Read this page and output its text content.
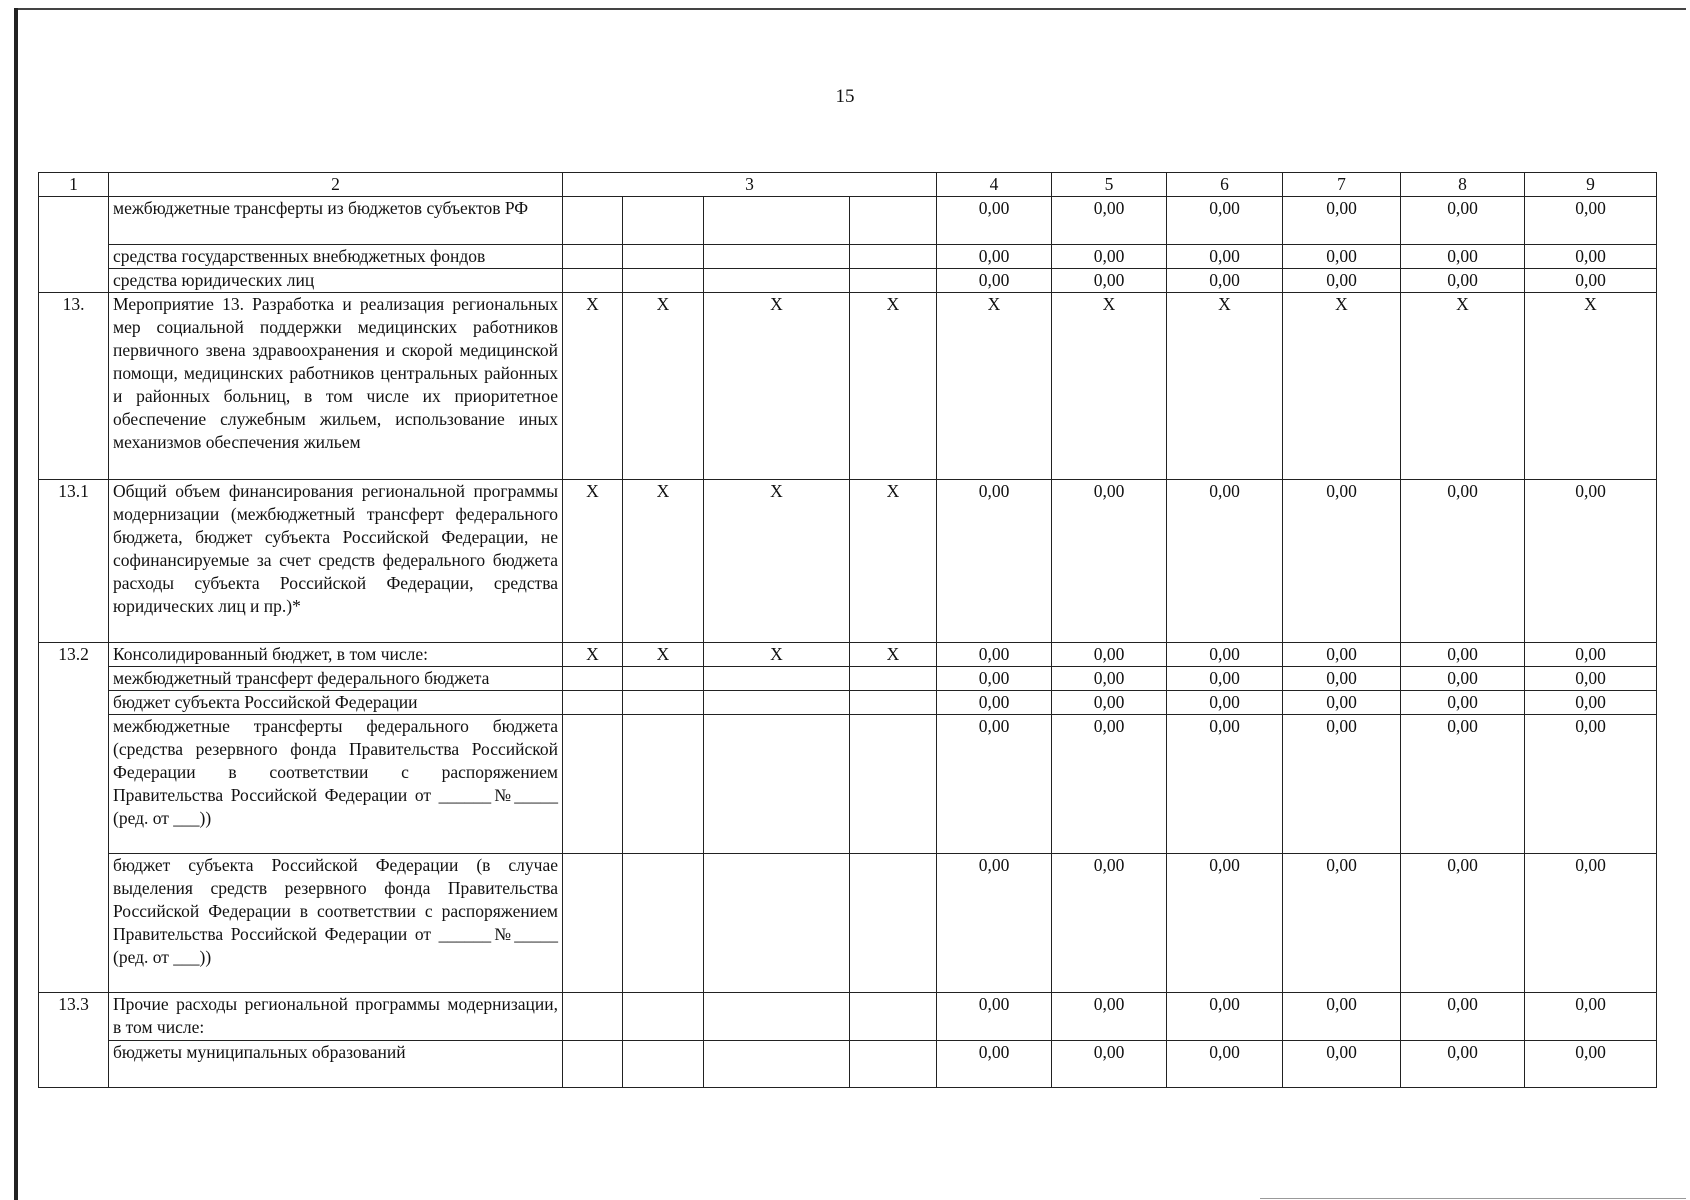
15
1	2	3				4	5	6	7	8	9
	межбюджетные трансферты из бюджетов субъектов РФ					0,00	0,00	0,00	0,00	0,00	0,00
	средства государственных внебюджетных фондов					0,00	0,00	0,00	0,00	0,00	0,00
	средства юридических лиц					0,00	0,00	0,00	0,00	0,00	0,00
13.	Мероприятие 13. Разработка и реализация региональных мер социальной поддержки медицинских работников первичного звена здравоохранения и скорой медицинской помощи, медицинских работников центральных районных и районных больниц, в том числе их приоритетное обеспечение служебным жильем, использование иных механизмов обеспечения жильем	X	X	X	X	X	X	X	X	X	X
13.1	Общий объем финансирования региональной программы модернизации (межбюджетный трансферт федерального бюджета, бюджет субъекта Российской Федерации, не софинансируемые за счет средств федерального бюджета расходы субъекта Российской Федерации, средства юридических лиц и пр.)*	X	X	X	X	0,00	0,00	0,00	0,00	0,00	0,00
13.2	Консолидированный бюджет, в том числе:	X	X	X	X	0,00	0,00	0,00	0,00	0,00	0,00
	межбюджетный трансферт федерального бюджета					0,00	0,00	0,00	0,00	0,00	0,00
	бюджет субъекта Российской Федерации					0,00	0,00	0,00	0,00	0,00	0,00
	межбюджетные трансферты федерального бюджета (средства резервного фонда Правительства Российской Федерации в соответствии с распоряжением Правительства Российской Федерации от ______№_____ (ред. от ___))					0,00	0,00	0,00	0,00	0,00	0,00
	бюджет субъекта Российской Федерации (в случае выделения средств резервного фонда Правительства Российской Федерации в соответствии с распоряжением Правительства Российской Федерации от ______№_____ (ред. от ___))					0,00	0,00	0,00	0,00	0,00	0,00
13.3	Прочие расходы региональной программы модернизации, в том числе:					0,00	0,00	0,00	0,00	0,00	0,00
	бюджеты муниципальных образований					0,00	0,00	0,00	0,00	0,00	0,00
